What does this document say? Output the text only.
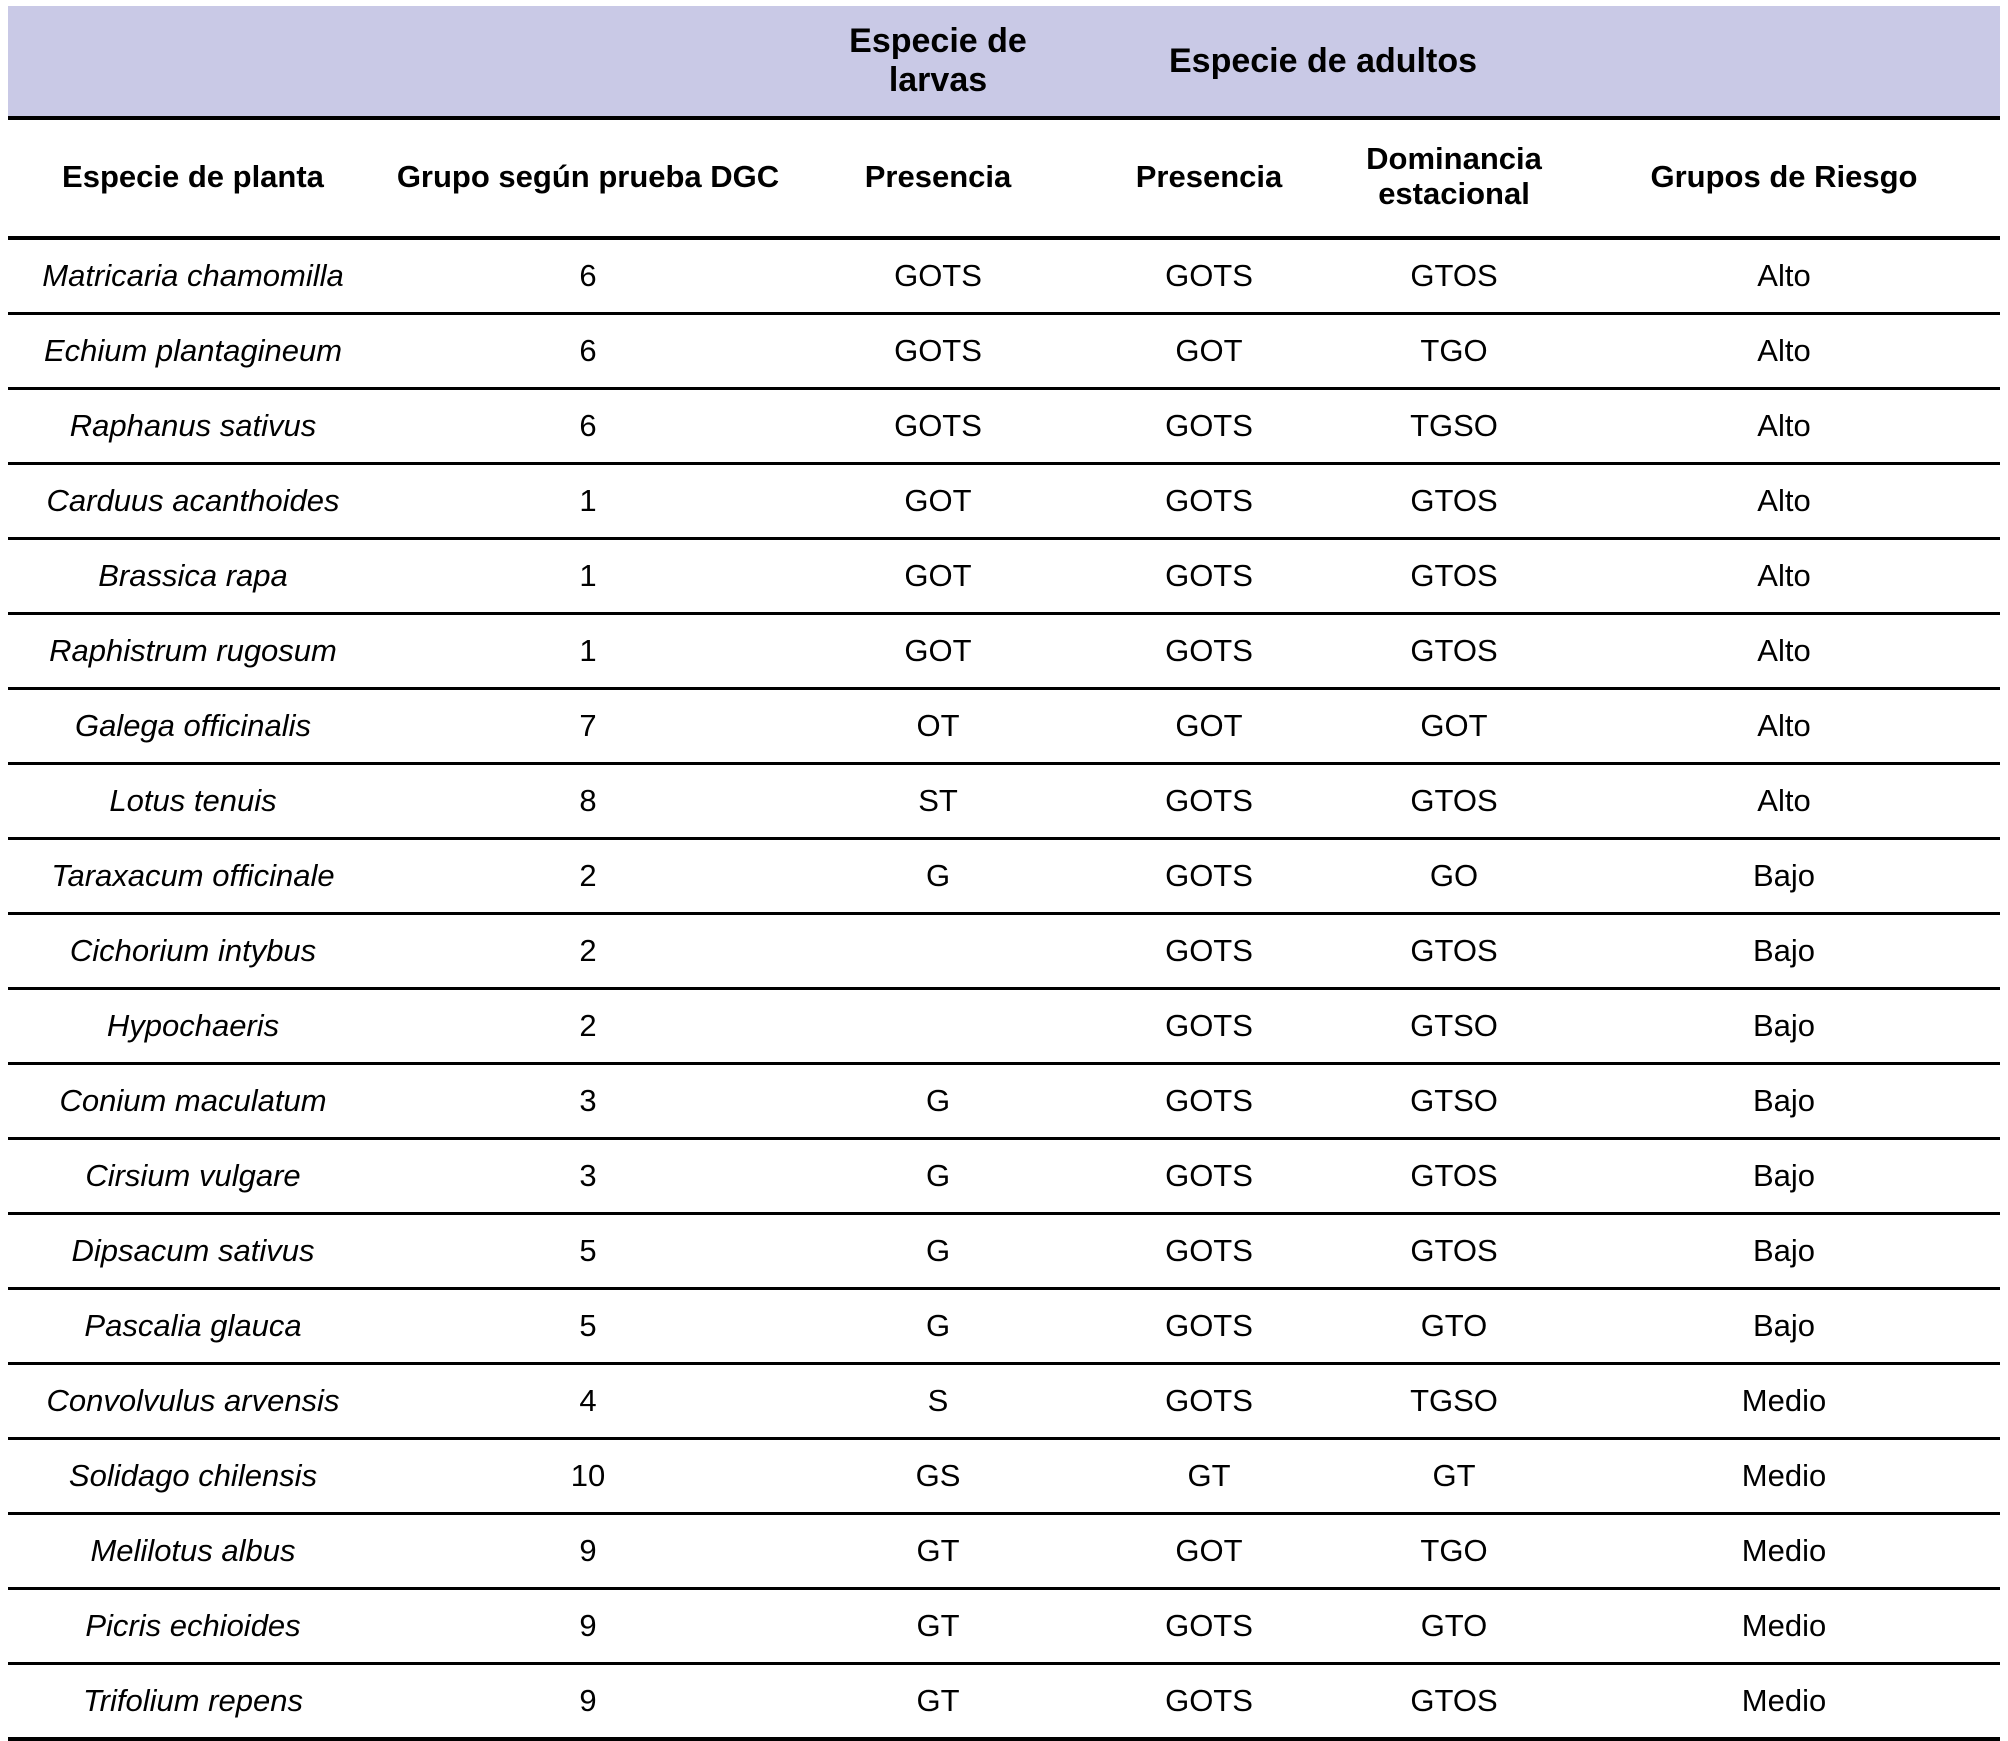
		Especie de larvas	Especie de adultos		
Especie de planta	Grupo según prueba DGC	Presencia	Presencia	Dominancia estacional	Grupos de Riesgo
Matricaria chamomilla	6	GOTS	GOTS	GTOS	Alto
Echium plantagineum	6	GOTS	GOT	TGO	Alto
Raphanus sativus	6	GOTS	GOTS	TGSO	Alto
Carduus acanthoides	1	GOT	GOTS	GTOS	Alto
Brassica rapa	1	GOT	GOTS	GTOS	Alto
Raphistrum rugosum	1	GOT	GOTS	GTOS	Alto
Galega officinalis	7	OT	GOT	GOT	Alto
Lotus tenuis	8	ST	GOTS	GTOS	Alto
Taraxacum officinale	2	G	GOTS	GO	Bajo
Cichorium intybus	2		GOTS	GTOS	Bajo
Hypochaeris	2		GOTS	GTSO	Bajo
Conium maculatum	3	G	GOTS	GTSO	Bajo
Cirsium vulgare	3	G	GOTS	GTOS	Bajo
Dipsacum sativus	5	G	GOTS	GTOS	Bajo
Pascalia glauca	5	G	GOTS	GTO	Bajo
Convolvulus arvensis	4	S	GOTS	TGSO	Medio
Solidago chilensis	10	GS	GT	GT	Medio
Melilotus albus	9	GT	GOT	TGO	Medio
Picris echioides	9	GT	GOTS	GTO	Medio
Trifolium repens	9	GT	GOTS	GTOS	Medio
